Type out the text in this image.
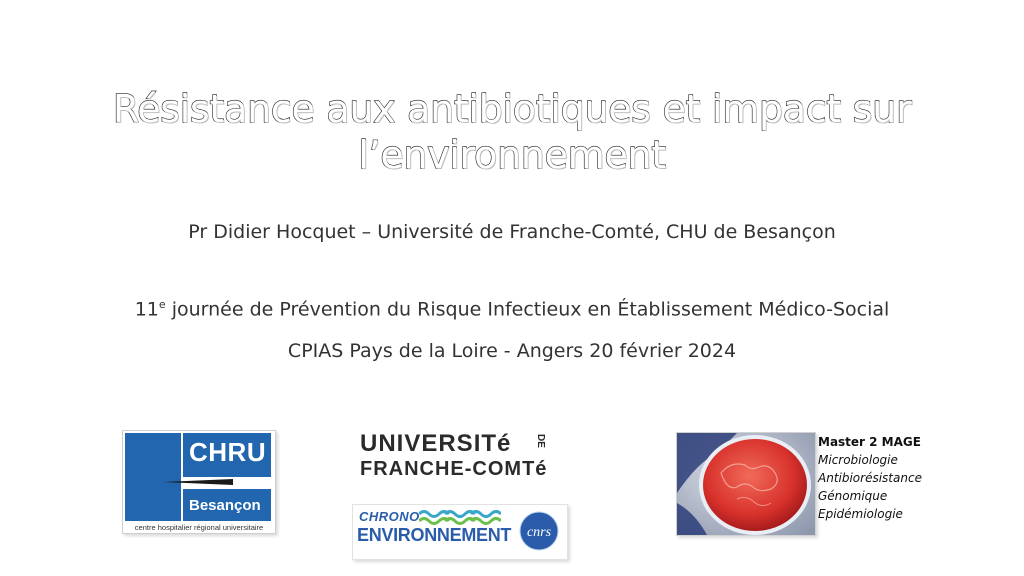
Résistance aux antibiotiques et impact sur
l’environnement
Pr Didier Hocquet – Université de Franche-Comté, CHU de Besançon
11e journée de Prévention du Risque Infectieux en Établissement Médico-Social
CPIAS Pays de la Loire - Angers 20 février 2024
CHRU
Besançon
centre hospitalier régional universitaire
UNIVERSITé DE
FRANCHE-COMTé
CHRONO
ENVIRONNEMENT cnrs
Master 2 MAGE
Microbiologie
Antibiorésistance
Génomique
Epidémiologie
